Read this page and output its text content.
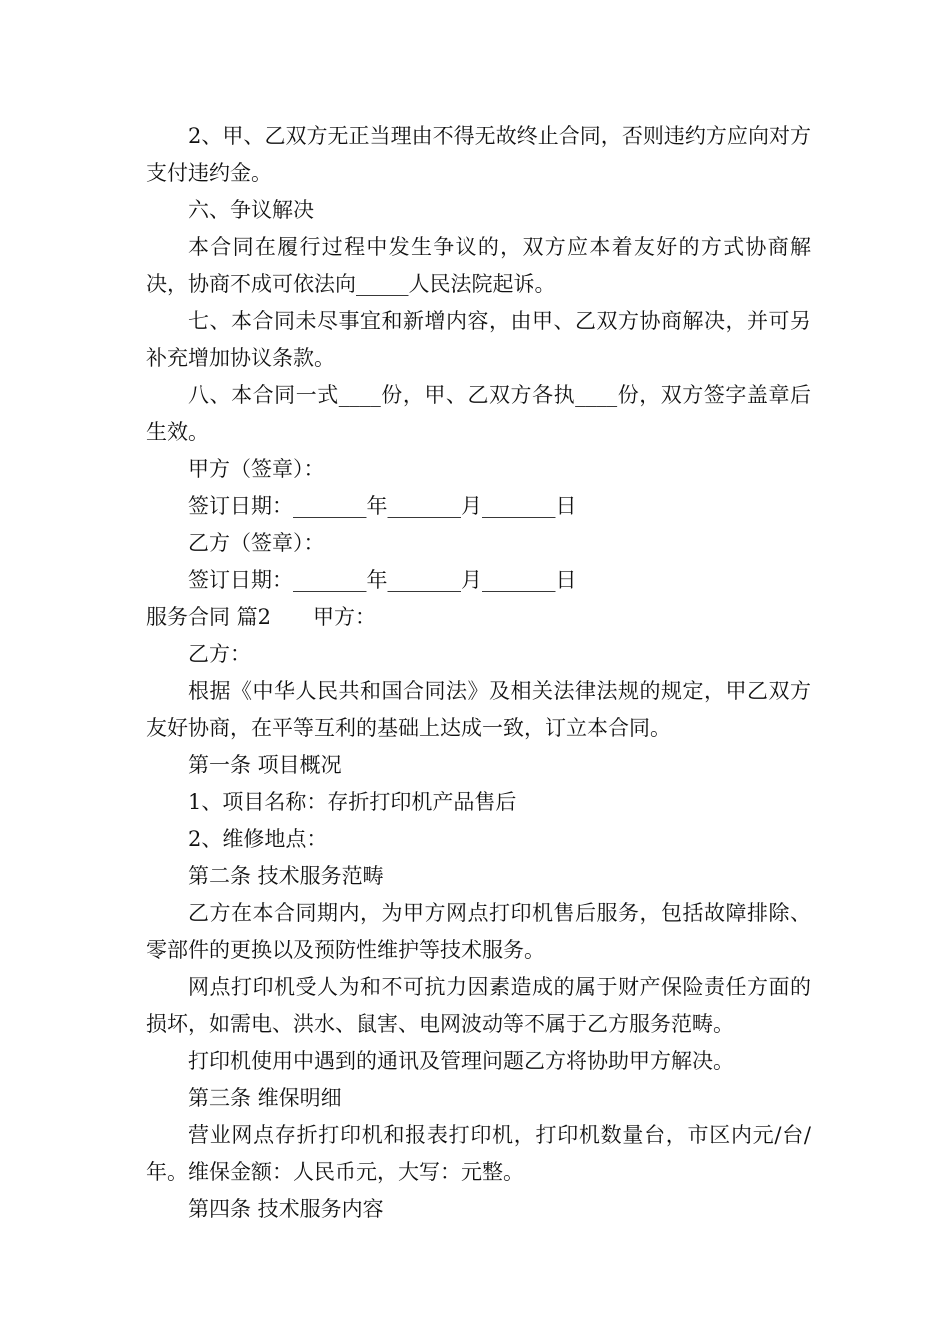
2、甲、乙双方无正当理由不得无故终止合同，否则违约方应向对方支付违约金。

六、争议解决

本合同在履行过程中发生争议的，双方应本着友好的方式协商解决，协商不成可依法向_____人民法院起诉。

七、本合同未尽事宜和新增内容，由甲、乙双方协商解决，并可另补充增加协议条款。

八、本合同一式____份，甲、乙双方各执____份，双方签字盖章后生效。

甲方（签章）：

签订日期：_______年_______月_______日

乙方（签章）：

签订日期：_______年_______月_______日

服务合同 篇2　　甲方：

乙方：

根据《中华人民共和国合同法》及相关法律法规的规定，甲乙双方友好协商，在平等互利的基础上达成一致，订立本合同。

第一条 项目概况

1、项目名称：存折打印机产品售后

2、维修地点：

第二条 技术服务范畴

乙方在本合同期内，为甲方网点打印机售后服务，包括故障排除、零部件的更换以及预防性维护等技术服务。

网点打印机受人为和不可抗力因素造成的属于财产保险责任方面的损坏，如需电、洪水、鼠害、电网波动等不属于乙方服务范畴。

打印机使用中遇到的通讯及管理问题乙方将协助甲方解决。

第三条 维保明细

营业网点存折打印机和报表打印机，打印机数量台，市区内元/台/年。维保金额：人民币元，大写：元整。

第四条 技术服务内容
